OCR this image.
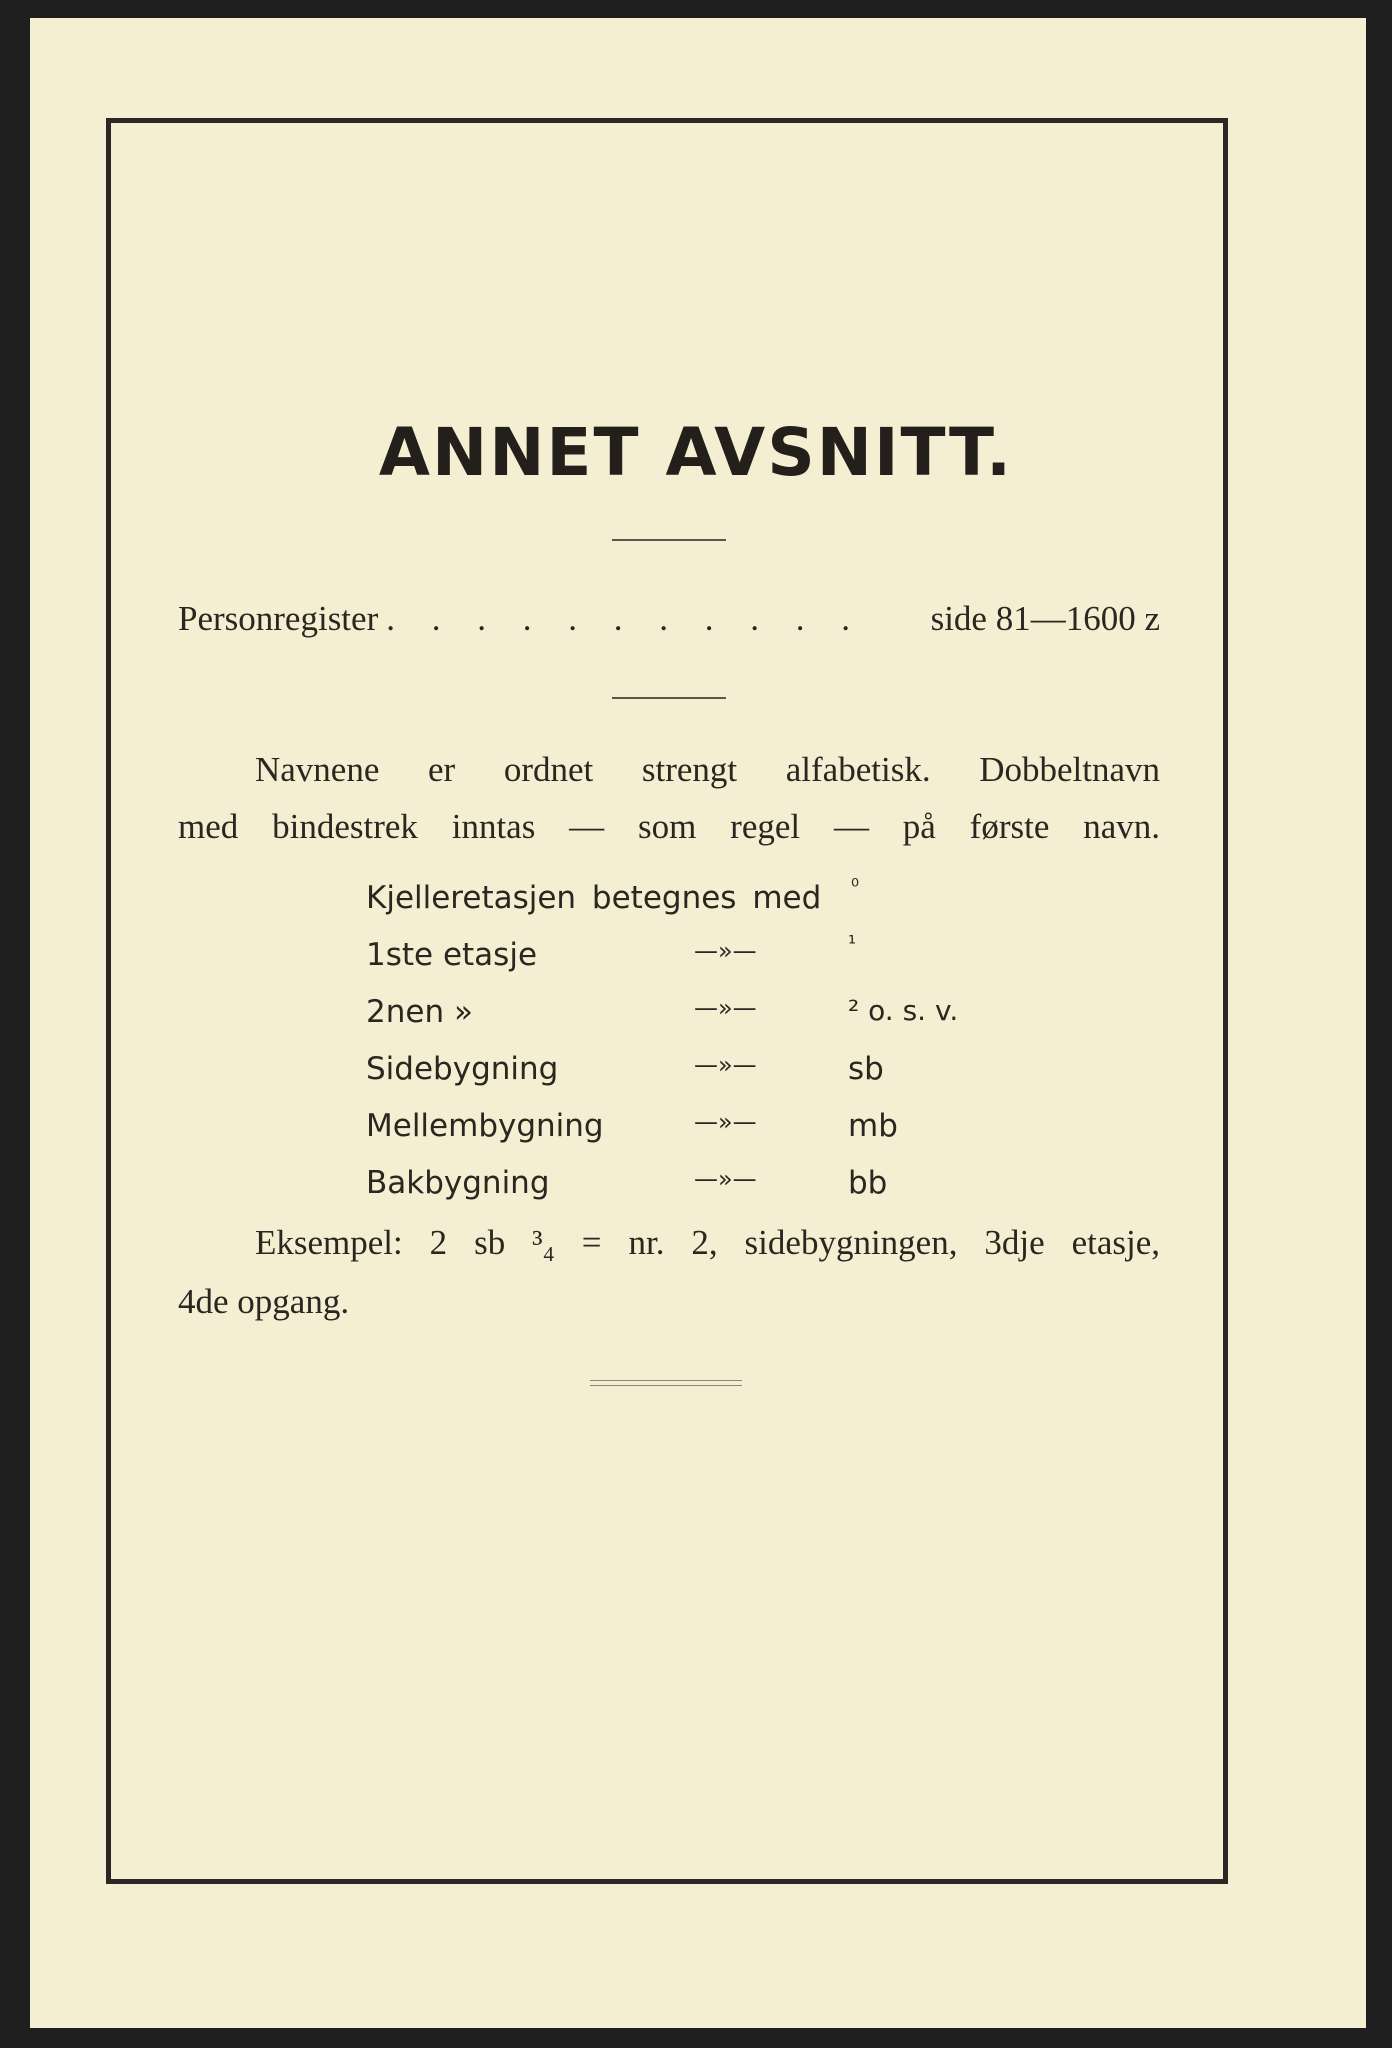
ANNET AVSNITT.
Personregister . . . . . . . . . . .	side 81—1600 z
Navnene er ordnet strengt alfabetisk. Dobbeltnavn
med bindestrek inntas — som regel — på første navn.
Kjelleretasjen betegnes med ⁰
1ste etasje	—»—	¹
2nen »	—»—	² o. s. v.
Sidebygning	—»—	sb
Mellembygning	—»—	mb
Bakbygning	—»—	bb
Eksempel: 2 sb ³₄ = nr. 2, sidebygningen, 3dje etasje,
4de opgang.
